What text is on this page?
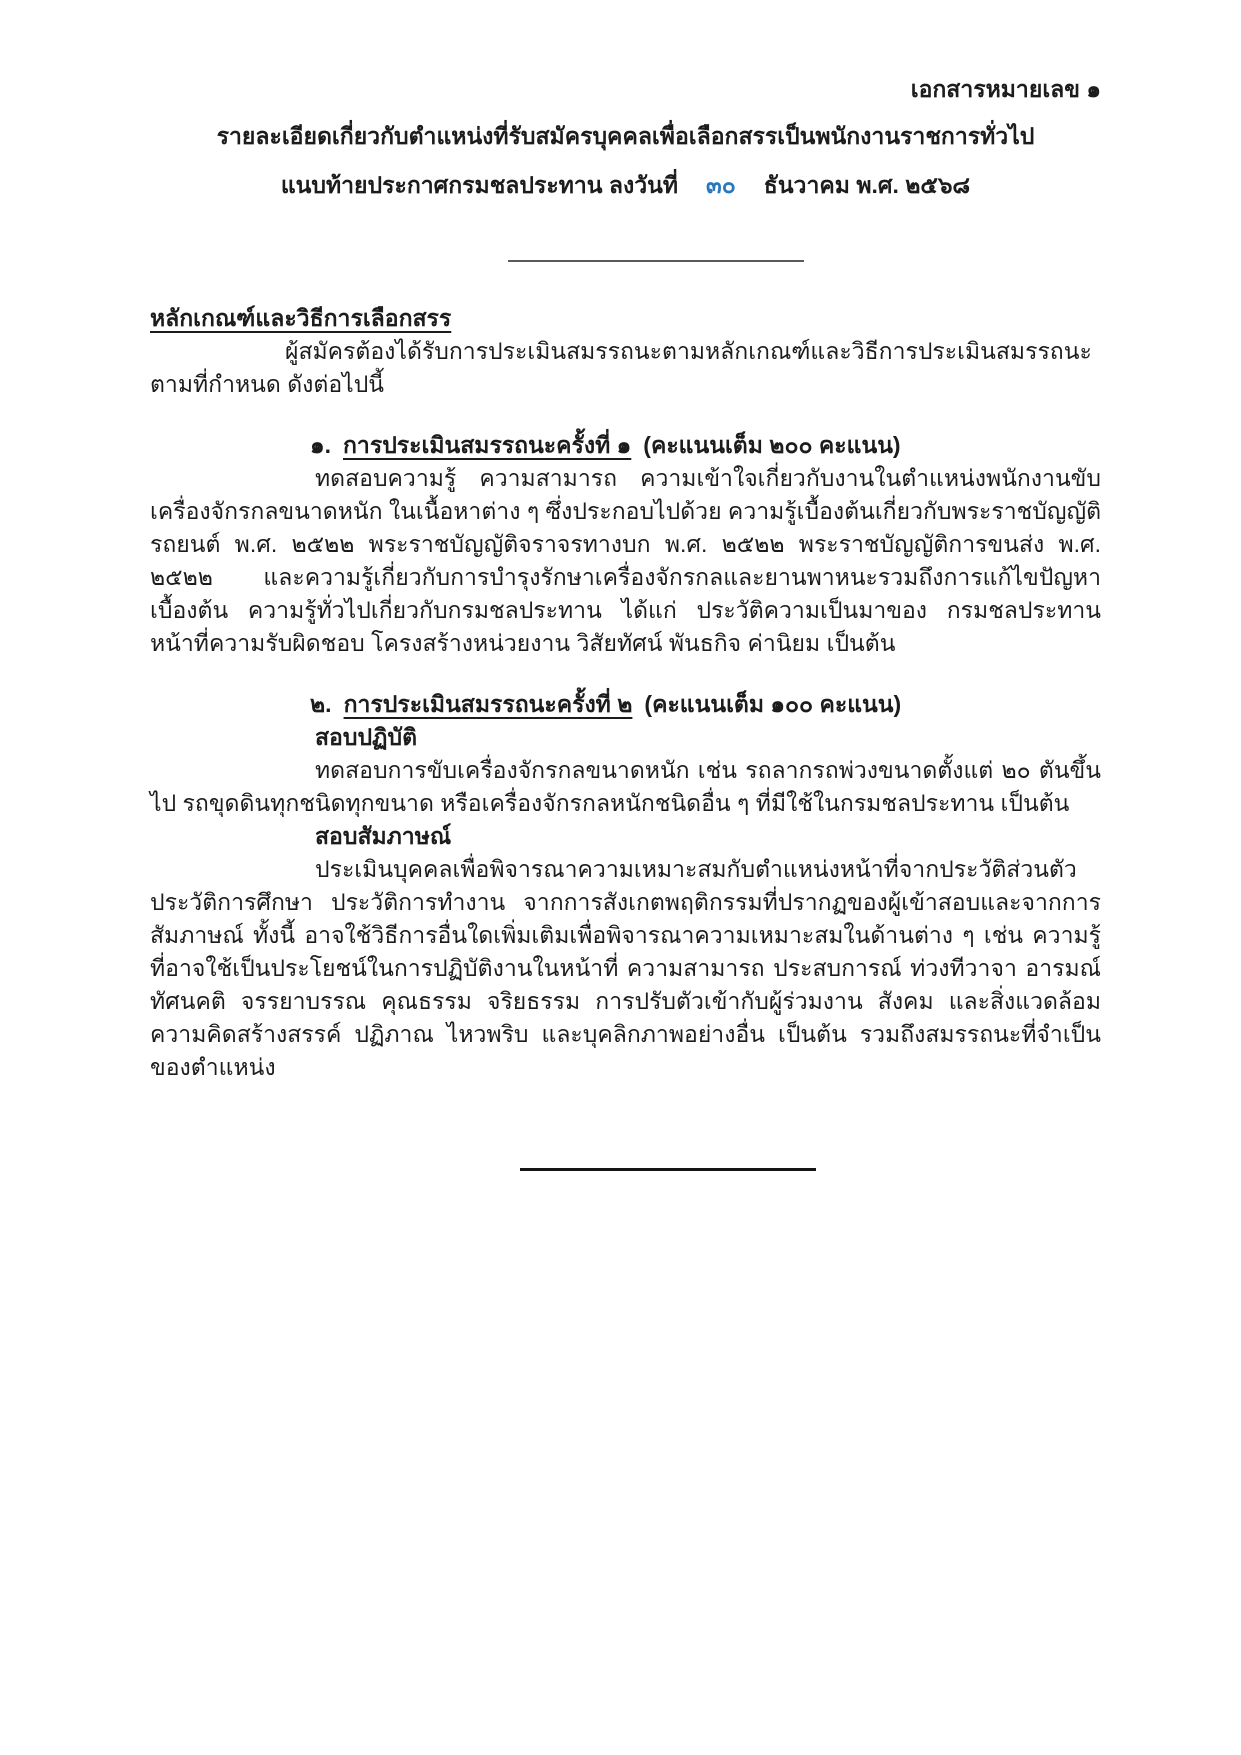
เอกสารหมายเลข ๑

รายละเอียดเกี่ยวกับตำแหน่งที่รับสมัครบุคคลเพื่อเลือกสรรเป็นพนักงานราชการทั่วไป

แนบท้ายประกาศกรมชลประทาน ลงวันที่ ๓๐ ธันวาคม พ.ศ. ๒๕๖๘

หลักเกณฑ์และวิธีการเลือกสรร

ผู้สมัครต้องได้รับการประเมินสมรรถนะตามหลักเกณฑ์และวิธีการประเมินสมรรถนะตามที่กำหนด ดังต่อไปนี้

๑. การประเมินสมรรถนะครั้งที่ ๑ (คะแนนเต็ม ๒๐๐ คะแนน)

ทดสอบความรู้ ความสามารถ ความเข้าใจเกี่ยวกับงานในตำแหน่งพนักงานขับเครื่องจักรกลขนาดหนัก ในเนื้อหาต่าง ๆ ซึ่งประกอบไปด้วย ความรู้เบื้องต้นเกี่ยวกับพระราชบัญญัติรถยนต์ พ.ศ. ๒๕๒๒ พระราชบัญญัติจราจรทางบก พ.ศ. ๒๕๒๒ พระราชบัญญัติการขนส่ง พ.ศ. ๒๕๒๒ และความรู้เกี่ยวกับการบำรุงรักษาเครื่องจักรกลและยานพาหนะรวมถึงการแก้ไขปัญหาเบื้องต้น ความรู้ทั่วไปเกี่ยวกับกรมชลประทาน ได้แก่ ประวัติความเป็นมาของ กรมชลประทาน หน้าที่ความรับผิดชอบ โครงสร้างหน่วยงาน วิสัยทัศน์ พันธกิจ ค่านิยม เป็นต้น

๒. การประเมินสมรรถนะครั้งที่ ๒ (คะแนนเต็ม ๑๐๐ คะแนน)

สอบปฏิบัติ

ทดสอบการขับเครื่องจักรกลขนาดหนัก เช่น รถลากรถพ่วงขนาดตั้งแต่ ๒๐ ตันขึ้นไป รถขุดดินทุกชนิดทุกขนาด หรือเครื่องจักรกลหนักชนิดอื่น ๆ ที่มีใช้ในกรมชลประทาน เป็นต้น

สอบสัมภาษณ์

ประเมินบุคคลเพื่อพิจารณาความเหมาะสมกับตำแหน่งหน้าที่จากประวัติส่วนตัว ประวัติการศึกษา ประวัติการทำงาน จากการสังเกตพฤติกรรมที่ปรากฏของผู้เข้าสอบและจากการสัมภาษณ์ ทั้งนี้ อาจใช้วิธีการอื่นใดเพิ่มเติมเพื่อพิจารณาความเหมาะสมในด้านต่าง ๆ เช่น ความรู้ที่อาจใช้เป็นประโยชน์ในการปฏิบัติงานในหน้าที่ ความสามารถ ประสบการณ์ ท่วงทีวาจา อารมณ์ ทัศนคติ จรรยาบรรณ คุณธรรม จริยธรรม การปรับตัวเข้ากับผู้ร่วมงาน สังคม และสิ่งแวดล้อม ความคิดสร้างสรรค์ ปฏิภาณ ไหวพริบ และบุคลิกภาพอย่างอื่น เป็นต้น รวมถึงสมรรถนะที่จำเป็นของตำแหน่ง
